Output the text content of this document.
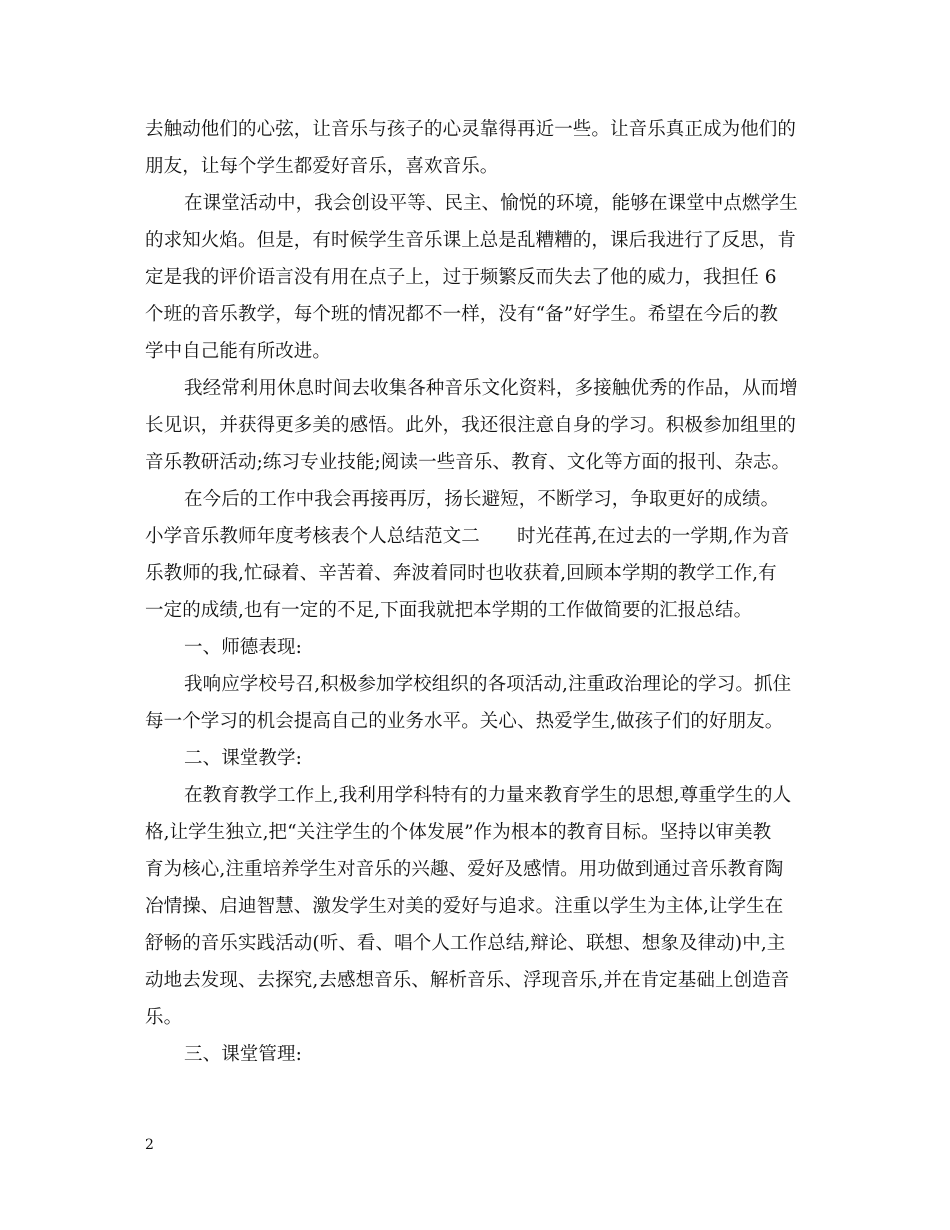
去触动他们的心弦，让音乐与孩子的心灵靠得再近一些。让音乐真正成为他们的
朋友，让每个学生都爱好音乐，喜欢音乐。
在课堂活动中，我会创设平等、民主、愉悦的环境，能够在课堂中点燃学生
的求知火焰。但是，有时候学生音乐课上总是乱糟糟的，课后我进行了反思，肯
定是我的评价语言没有用在点子上，过于频繁反而失去了他的威力，我担任 6
个班的音乐教学，每个班的情况都不一样，没有“备”好学生。希望在今后的教
学中自己能有所改进。
我经常利用休息时间去收集各种音乐文化资料，多接触优秀的作品，从而增
长见识，并获得更多美的感悟。此外，我还很注意自身的学习。积极参加组里的
音乐教研活动;练习专业技能;阅读一些音乐、教育、文化等方面的报刊、杂志。
在今后的工作中我会再接再厉，扬长避短，不断学习，争取更好的成绩。
小学音乐教师年度考核表个人总结范文二　　时光荏苒,在过去的一学期,作为音
乐教师的我,忙碌着、辛苦着、奔波着同时也收获着,回顾本学期的教学工作,有
一定的成绩,也有一定的不足,下面我就把本学期的工作做简要的汇报总结。
一、师德表现:
我响应学校号召,积极参加学校组织的各项活动,注重政治理论的学习。抓住
每一个学习的机会提高自己的业务水平。关心、热爱学生,做孩子们的好朋友。
二、课堂教学:
在教育教学工作上,我利用学科特有的力量来教育学生的思想,尊重学生的人
格,让学生独立,把“关注学生的个体发展”作为根本的教育目标。坚持以审美教
育为核心,注重培养学生对音乐的兴趣、爱好及感情。用功做到通过音乐教育陶
冶情操、启迪智慧、激发学生对美的爱好与追求。注重以学生为主体,让学生在
舒畅的音乐实践活动(听、看、唱个人工作总结,辩论、联想、想象及律动)中,主
动地去发现、去探究,去感想音乐、解析音乐、浮现音乐,并在肯定基础上创造音
乐。
三、课堂管理:
2
